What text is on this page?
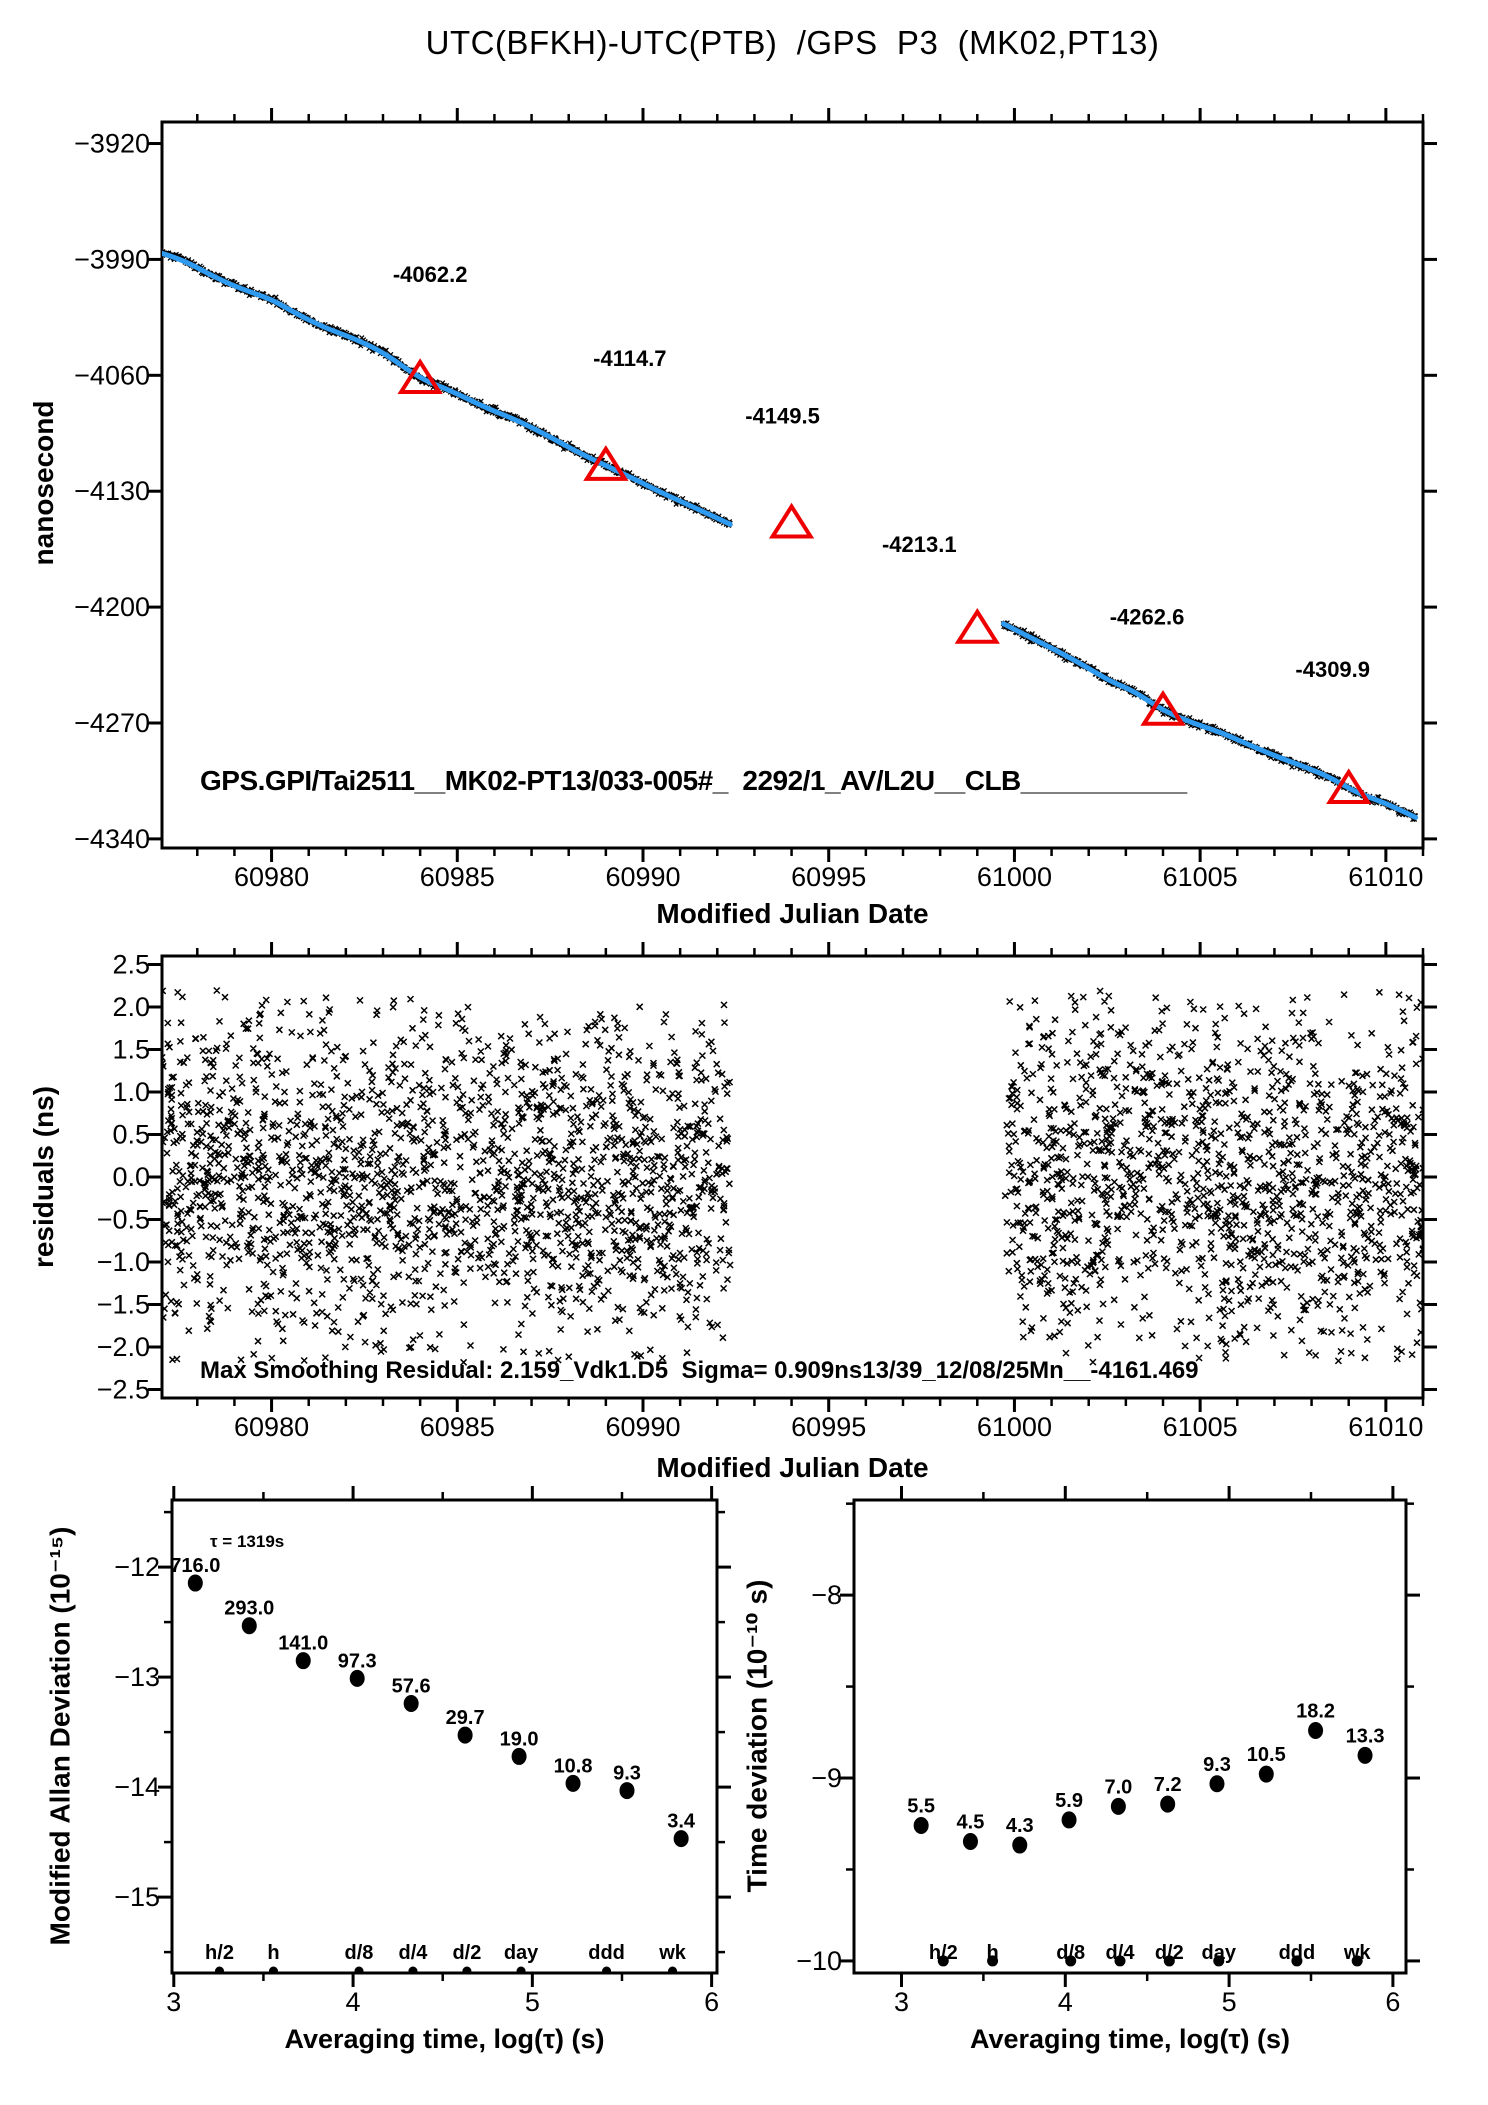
60980	60985	60990	60995	61000	61005	61010
−3920
−3990
−4060
−4130
−4200
−4270
−4340
-4062.2
-4114.7
-4149.5
-4213.1
-4262.6
-4309.9
60980	60985	60990	60995	61000	61005	61010
2.5
2.0
1.5
1.0
0.5
0.0
−0.5
−1.0
−1.5
−2.0
−2.5
3	4	5	6
−12
−13
−14
−15
716.0
293.0
141.0
97.3
57.6
29.7
19.0
10.8 9.3
3.4
h/2 h	d/8 d/4 d/2 day ddd wk
3	4	5	6
−8
−9
−10
5.5
4.5 4.3
5.9
7.0 7.2
9.3 10.5
18.2
13.3
h/2 h	d/8 d/4 d/2 day ddd wk
UTC(BFKH)-UTC(PTB)  /GPS  P3  (MK02,PT13)
Modified Julian Date
Modified Julian Date
Averaging time, log(τ) (s)	Averaging time, log(τ) (s)
nanosecond
residuals (ns)
Modified Allan Deviation (10⁻¹⁵)	Time deviation (10⁻¹⁰ s)
GPS.GPI/Tai2511__MK02-PT13/033-005#_  2292/1_AV/L2U__CLB___________
Max Smoothing Residual: 2.159_Vdk1.D5  Sigma= 0.909ns13/39_12/08/25Mn__-4161.469
τ = 1319s
